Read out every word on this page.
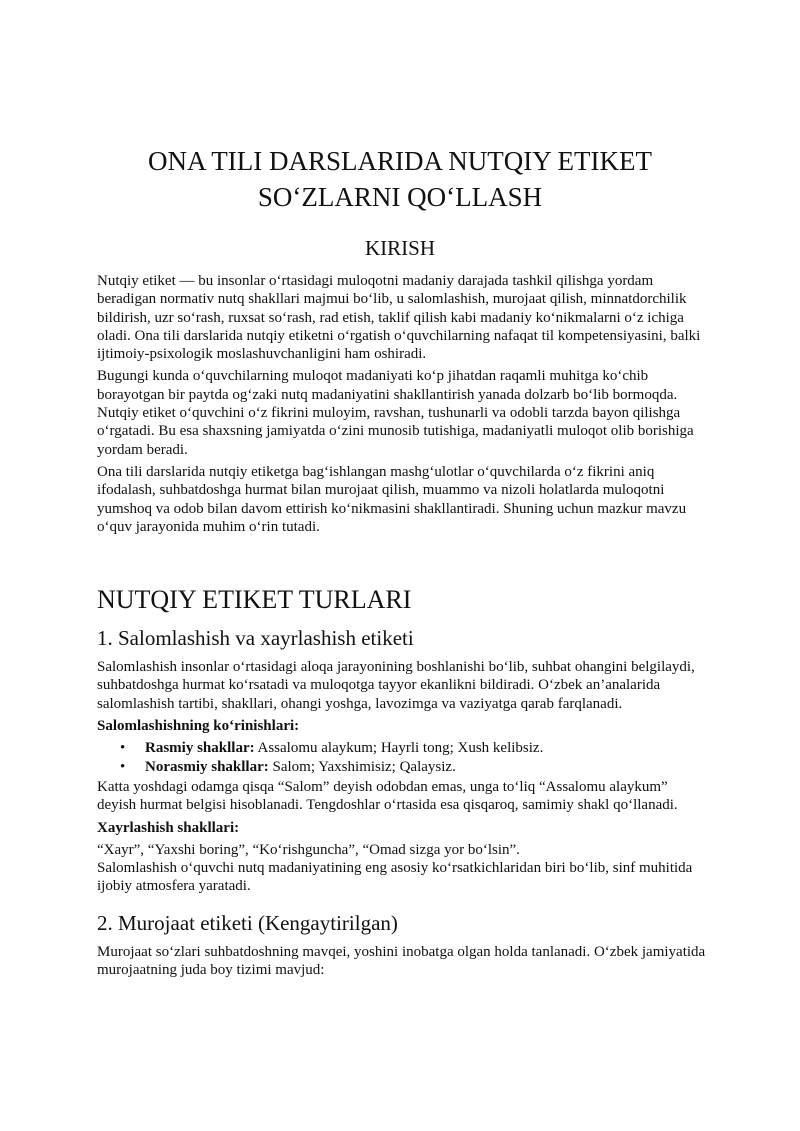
ONA TILI DARSLARIDA NUTQIY ETIKET
SO‘ZLARNI QO‘LLASH
KIRISH

Nutqiy etiket — bu insonlar o‘rtasidagi muloqotni madaniy darajada tashkil qilishga yordam beradigan normativ nutq shakllari majmui bo‘lib, u salomlashish, murojaat qilish, minnatdorchilik bildirish, uzr so‘rash, ruxsat so‘rash, rad etish, taklif qilish kabi madaniy ko‘nikmalarni o‘z ichiga oladi. Ona tili darslarida nutqiy etiketni o‘rgatish o‘quvchilarning nafaqat til kompetensiyasini, balki ijtimoiy-psixologik moslashuvchanligini ham oshiradi.

Bugungi kunda o‘quvchilarning muloqot madaniyati ko‘p jihatdan raqamli muhitga ko‘chib borayotgan bir paytda og‘zaki nutq madaniyatini shakllantirish yanada dolzarb bo‘lib bormoqda. Nutqiy etiket o‘quvchini o‘z fikrini muloyim, ravshan, tushunarli va odobli tarzda bayon qilishga o‘rgatadi. Bu esa shaxsning jamiyatda o‘zini munosib tutishiga, madaniyatli muloqot olib borishiga yordam beradi.

Ona tili darslarida nutqiy etiketga bag‘ishlangan mashg‘ulotlar o‘quvchilarda o‘z fikrini aniq ifodalash, suhbatdoshga hurmat bilan murojaat qilish, muammo va nizoli holatlarda muloqotni yumshoq va odob bilan davom ettirish ko‘nikmasini shakllantiradi. Shuning uchun mazkur mavzu o‘quv jarayonida muhim o‘rin tutadi.

NUTQIY ETIKET TURLARI
1. Salomlashish va xayrlashish etiketi

Salomlashish insonlar o‘rtasidagi aloqa jarayonining boshlanishi bo‘lib, suhbat ohangini belgilaydi, suhbatdoshga hurmat ko‘rsatadi va muloqotga tayyor ekanlikni bildiradi. O‘zbek an’analarida salomlashish tartibi, shakllari, ohangi yoshga, lavozimga va vaziyatga qarab farqlanadi.

Salomlashishning ko‘rinishlari:

• Rasmiy shakllar: Assalomu alaykum; Hayrli tong; Xush kelibsiz.
• Norasmiy shakllar: Salom; Yaxshimisiz; Qalaysiz.

Katta yoshdagi odamga qisqa “Salom” deyish odobdan emas, unga to‘liq “Assalomu alaykum” deyish hurmat belgisi hisoblanadi. Tengdoshlar o‘rtasida esa qisqaroq, samimiy shakl qo‘llanadi.

Xayrlashish shakllari:

“Xayr”, “Yaxshi boring”, “Ko‘rishguncha”, “Omad sizga yor bo‘lsin”.

Salomlashish o‘quvchi nutq madaniyatining eng asosiy ko‘rsatkichlaridan biri bo‘lib, sinf muhitida ijobiy atmosfera yaratadi.

2. Murojaat etiketi (Kengaytirilgan)

Murojaat so‘zlari suhbatdoshning mavqei, yoshini inobatga olgan holda tanlanadi. O‘zbek jamiyatida murojaatning juda boy tizimi mavjud:
